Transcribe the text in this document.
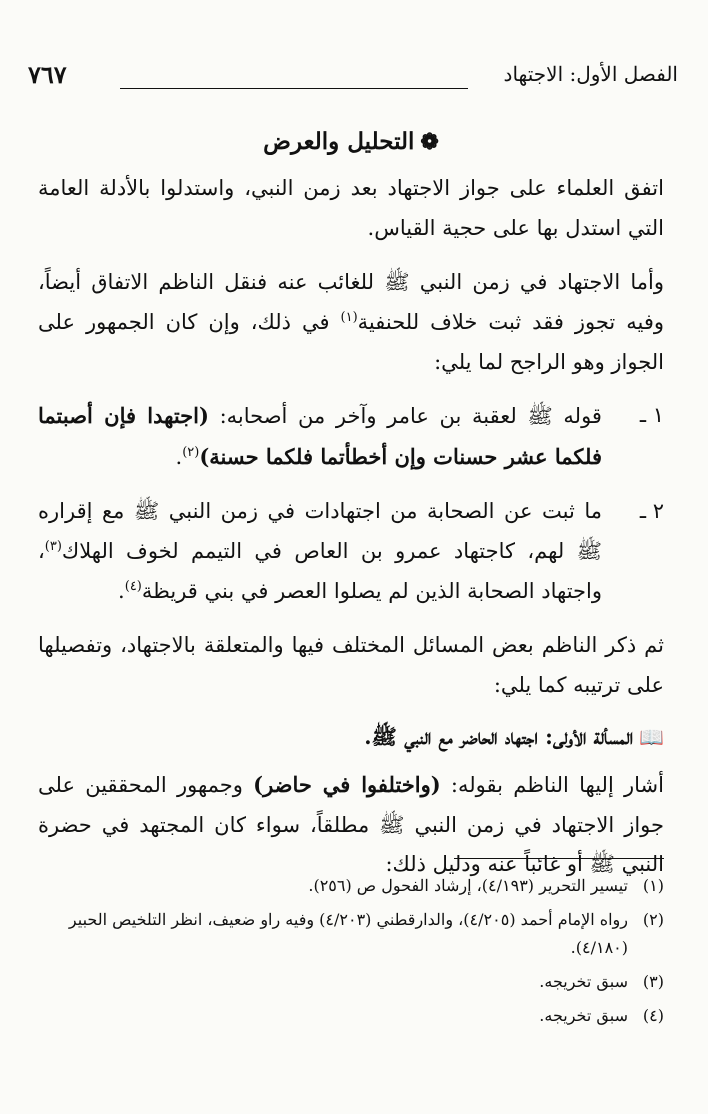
٧٦٧	الفصل الأول: الاجتهاد
❁التحليل والعرض

اتفق العلماء على جواز الاجتهاد بعد زمن النبي، واستدلوا بالأدلة العامة التي استدل بها على حجية القياس.

وأما الاجتهاد في زمن النبي ﷺ للغائب عنه فنقل الناظم الاتفاق أيضاً، وفيه تجوز فقد ثبت خلاف للحنفية$^{(١)}$ في ذلك، وإن كان الجمهور على الجواز وهو الراجح لما يلي:

١ ـ
قوله ﷺ لعقبة بن عامر وآخر من أصحابه: (اجتهدا فإن أصبتما فلكما عشر حسنات وإن أخطأتما فلكما حسنة)$^{(٢)}$.
٢ ـ
ما ثبت عن الصحابة من اجتهادات في زمن النبي ﷺ مع إقراره ﷺ لهم، كاجتهاد عمرو بن العاص في التيمم لخوف الهلاك$^{(٣)}$، واجتهاد الصحابة الذين لم يصلوا العصر في بني قريظة$^{(٤)}$.

ثم ذكر الناظم بعض المسائل المختلف فيها والمتعلقة بالاجتهاد، وتفصيلها على ترتيبه كما يلي:

📖المسألة الأولى: اجتهاد الحاضر مع النبي ﷺ.

أشار إليها الناظم بقوله: (واختلفوا في حاضر) وجمهور المحققين على جواز الاجتهاد في زمن النبي ﷺ مطلقاً، سواء كان المجتهد في حضرة النبي ﷺ أو غائباً عنه ودليل ذلك:

(١)
تيسير التحرير (٤/١٩٣)، إرشاد الفحول ص (٢٥٦).
(٢)
رواه الإمام أحمد (٤/٢٠٥)، والدارقطني (٤/٢٠٣) وفيه راو ضعيف، انظر التلخيص الحبير (٤/١٨٠).
(٣)
سبق تخريجه.
(٤)
سبق تخريجه.
